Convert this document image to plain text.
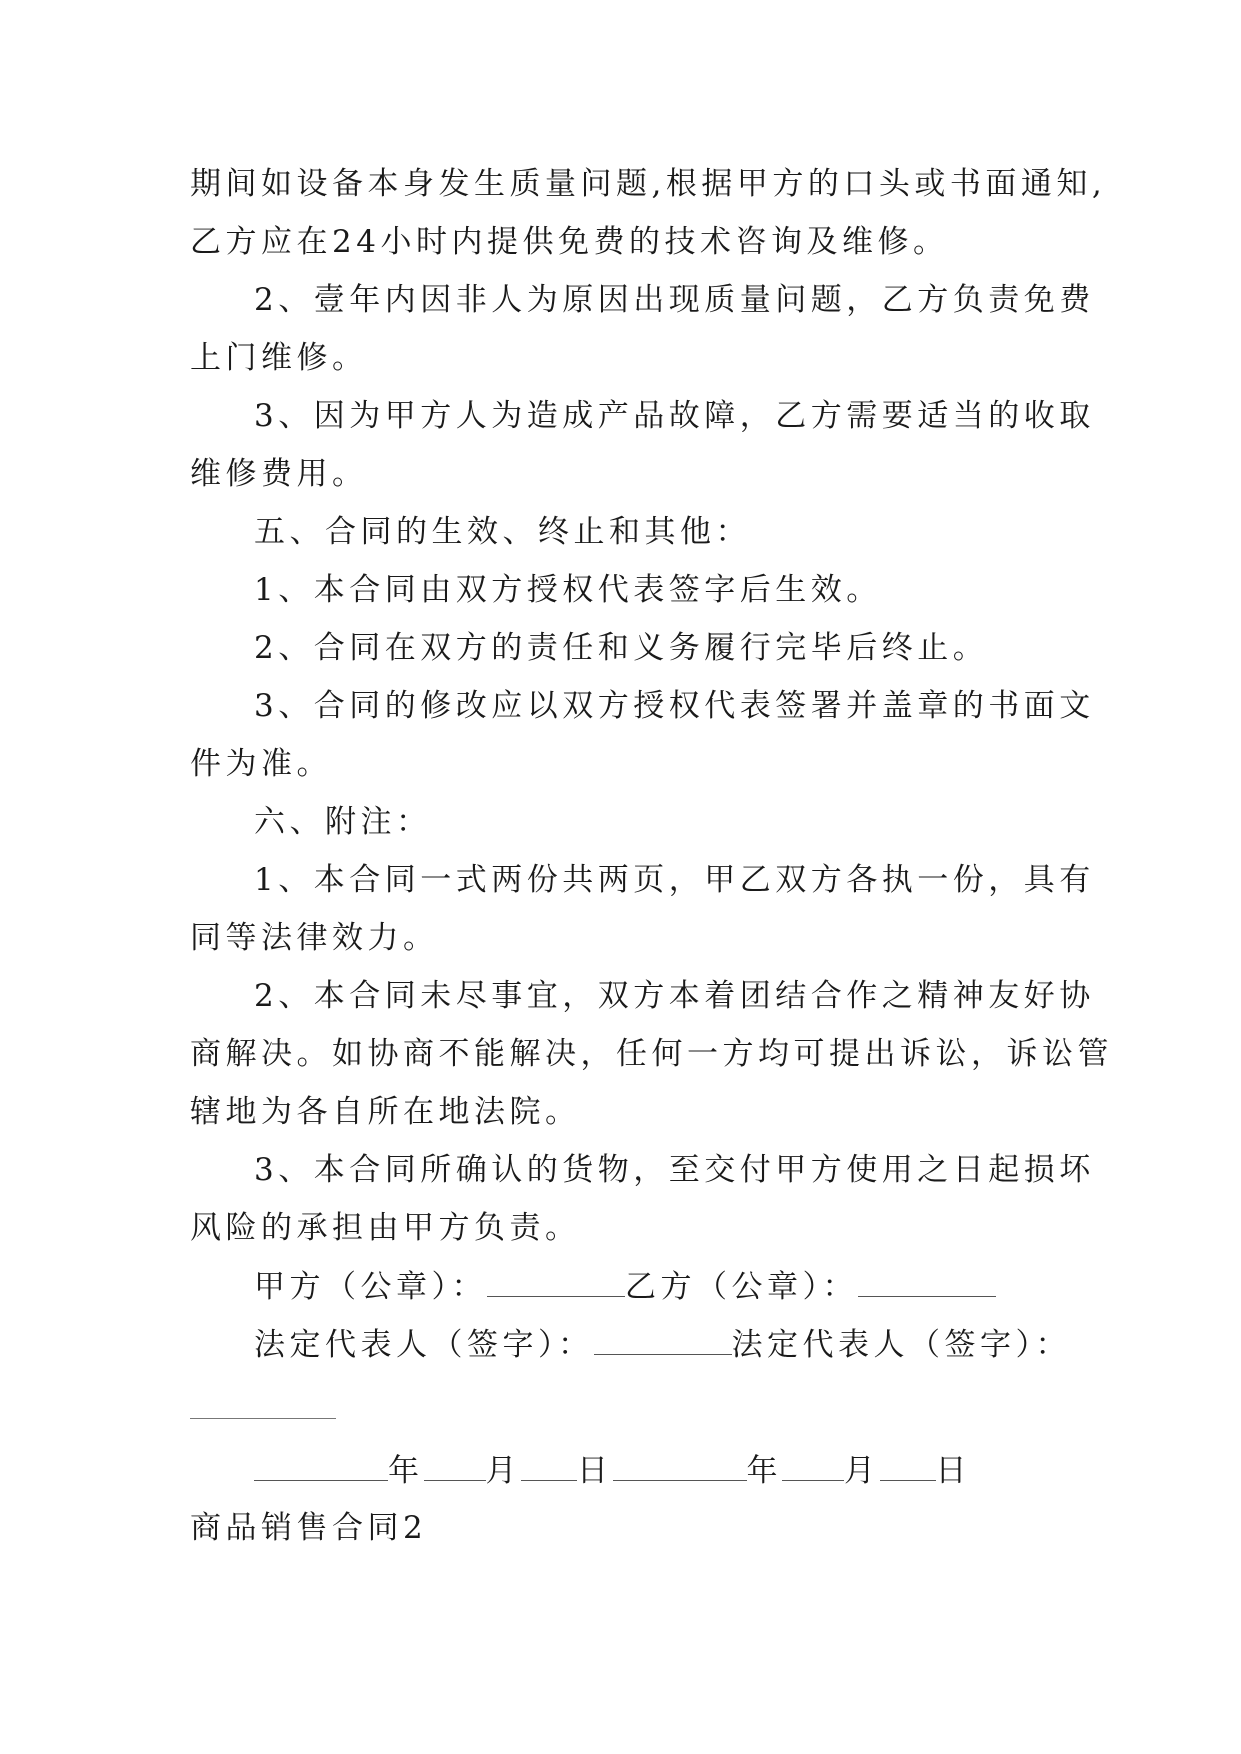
期间如设备本身发生质量问题,根据甲方的口头或书面通知,
乙方应在24小时内提供免费的技术咨询及维修。
2、壹年内因非人为原因出现质量问题，乙方负责免费
上门维修。
3、因为甲方人为造成产品故障，乙方需要适当的收取
维修费用。
五、合同的生效、终止和其他：
1、本合同由双方授权代表签字后生效。
2、合同在双方的责任和义务履行完毕后终止。
3、合同的修改应以双方授权代表签署并盖章的书面文
件为准。
六、附注：
1、本合同一式两份共两页，甲乙双方各执一份，具有
同等法律效力。
2、本合同未尽事宜，双方本着团结合作之精神友好协
商解决。如协商不能解决，任何一方均可提出诉讼，诉讼管
辖地为各自所在地法院。
3、本合同所确认的货物，至交付甲方使用之日起损坏
风险的承担由甲方负责。
甲方（公章）：	乙方（公章）：
法定代表人（签字）：	法定代表人（签字）：
年 月 日	年 月 日
商品销售合同2
